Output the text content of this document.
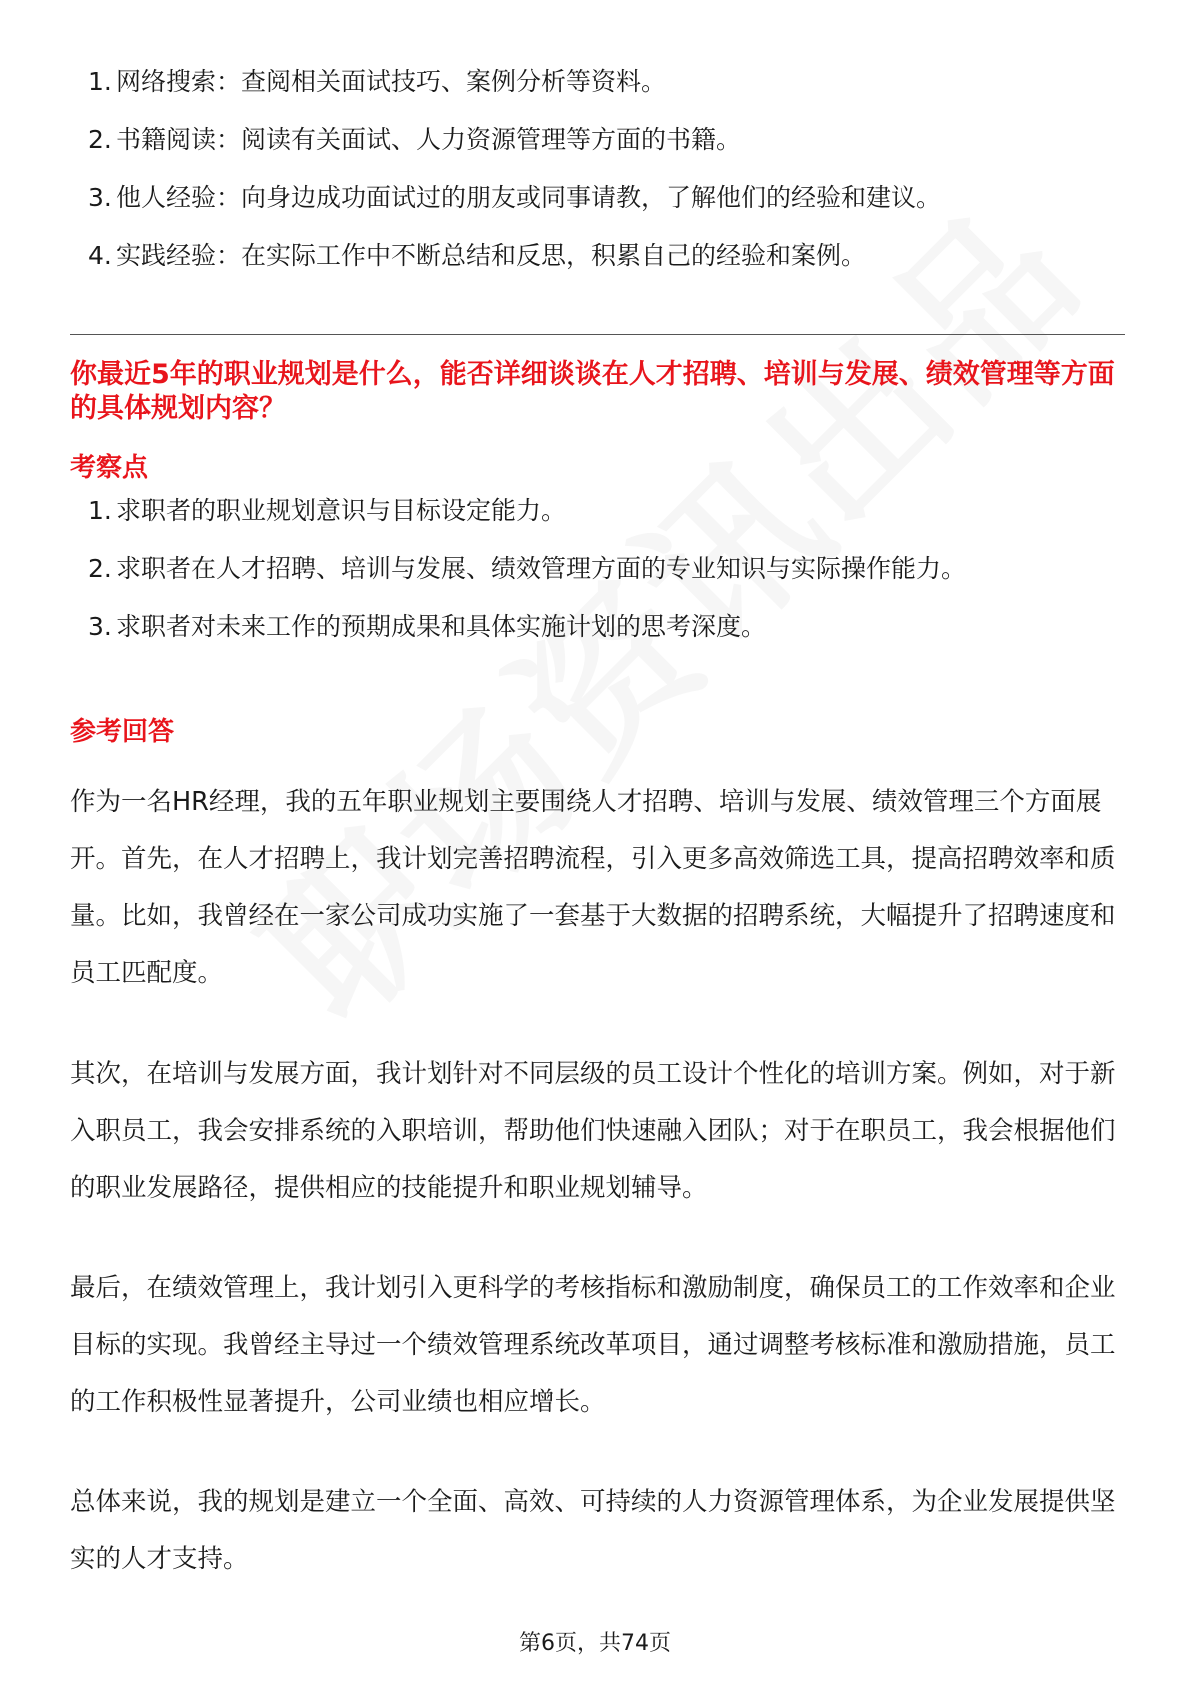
1. 网络搜索：查阅相关面试技巧、案例分析等资料。
2. 书籍阅读：阅读有关面试、人力资源管理等方面的书籍。
3. 他人经验：向身边成功面试过的朋友或同事请教，了解他们的经验和建议。
4. 实践经验：在实际工作中不断总结和反思，积累自己的经验和案例。
你最近5年的职业规划是什么，能否详细谈谈在人才招聘、培训与发展、绩效管理等方面的具体规划内容？
考察点
1. 求职者的职业规划意识与目标设定能力。
2. 求职者在人才招聘、培训与发展、绩效管理方面的专业知识与实际操作能力。
3. 求职者对未来工作的预期成果和具体实施计划的思考深度。
参考回答

作为一名HR经理，我的五年职业规划主要围绕人才招聘、培训与发展、绩效管理三个方面展开。首先，在人才招聘上，我计划完善招聘流程，引入更多高效筛选工具，提高招聘效率和质量。比如，我曾经在一家公司成功实施了一套基于大数据的招聘系统，大幅提升了招聘速度和员工匹配度。

其次，在培训与发展方面，我计划针对不同层级的员工设计个性化的培训方案。例如，对于新入职员工，我会安排系统的入职培训，帮助他们快速融入团队；对于在职员工，我会根据他们的职业发展路径，提供相应的技能提升和职业规划辅导。

最后，在绩效管理上，我计划引入更科学的考核指标和激励制度，确保员工的工作效率和企业目标的实现。我曾经主导过一个绩效管理系统改革项目，通过调整考核标准和激励措施，员工的工作积极性显著提升，公司业绩也相应增长。

总体来说，我的规划是建立一个全面、高效、可持续的人力资源管理体系，为企业发展提供坚实的人才支持。

第6页，共74页
